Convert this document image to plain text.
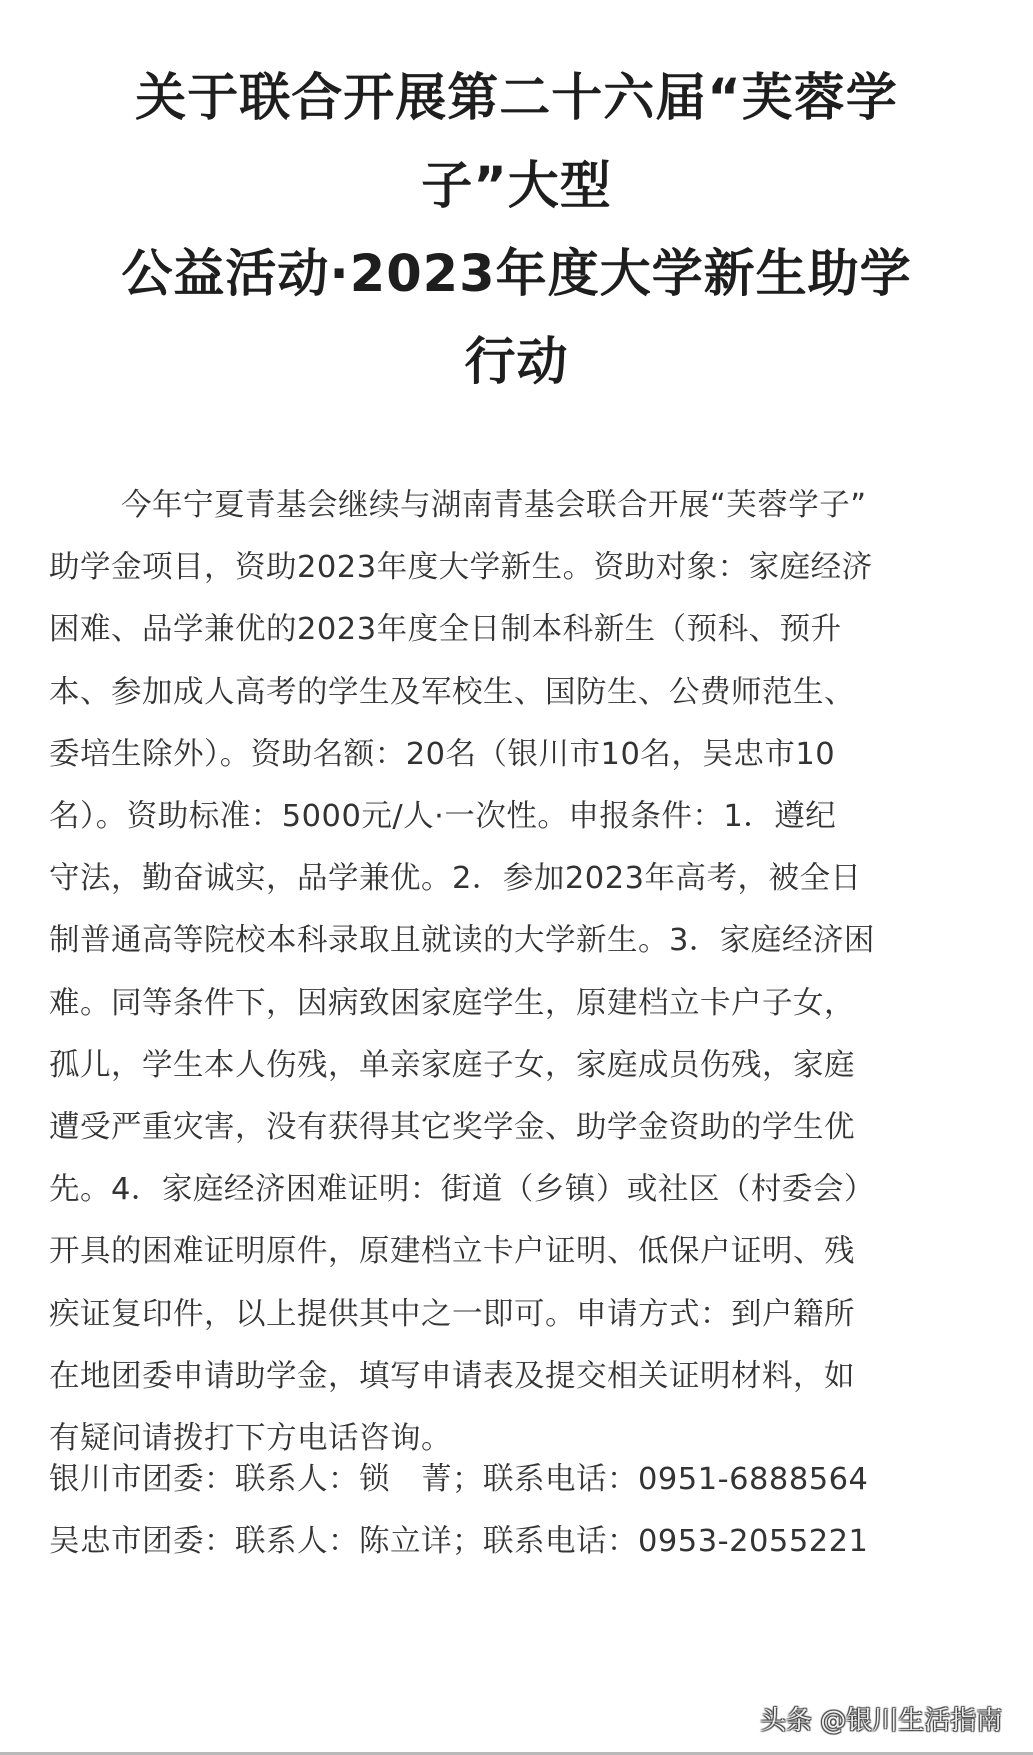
关于联合开展第二十六届“芙蓉学
子”大型
公益活动·2023年度大学新生助学
行动
今年宁夏青基会继续与湖南青基会联合开展“芙蓉学子”
助学金项目，资助2023年度大学新生。资助对象：家庭经济
困难、品学兼优的2023年度全日制本科新生（预科、预升
本、参加成人高考的学生及军校生、国防生、公费师范生、
委培生除外）。资助名额：20名（银川市10名，吴忠市10
名）。资助标准：5000元/人·一次性。申报条件：1．遵纪
守法，勤奋诚实，品学兼优。2．参加2023年高考，被全日
制普通高等院校本科录取且就读的大学新生。3．家庭经济困
难。同等条件下，因病致困家庭学生，原建档立卡户子女，
孤儿，学生本人伤残，单亲家庭子女，家庭成员伤残，家庭
遭受严重灾害，没有获得其它奖学金、助学金资助的学生优
先。4．家庭经济困难证明：街道（乡镇）或社区（村委会）
开具的困难证明原件，原建档立卡户证明、低保户证明、残
疾证复印件，以上提供其中之一即可。申请方式：到户籍所
在地团委申请助学金，填写申请表及提交相关证明材料，如
有疑问请拨打下方电话咨询。
银川市团委：联系人：锁　菁；联系电话：0951-6888564
吴忠市团委：联系人：陈立详；联系电话：0953-2055221
头条 @银川生活指南
